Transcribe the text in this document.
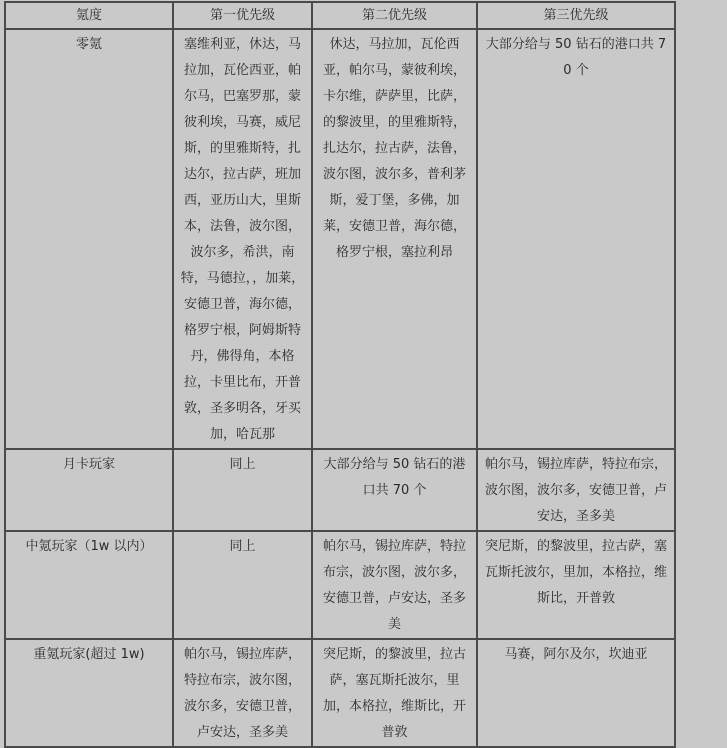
氪度	第一优先级	第二优先级	第三优先级
零氪	塞维利亚，休达，马拉加，瓦伦西亚，帕尔马，巴塞罗那，蒙彼利埃，马赛，威尼斯，的里雅斯特，扎达尔，拉古萨，班加西，亚历山大，里斯本，法鲁，波尔图，波尔多，希洪，南特，马德拉，，加莱，安德卫普，海尔德，格罗宁根，阿姆斯特丹，佛得角，本格拉，卡里比布，开普敦，圣多明各，牙买加，哈瓦那	休达，马拉加，瓦伦西亚，帕尔马，蒙彼利埃，卡尔维，萨萨里，比萨，的黎波里，的里雅斯特，扎达尔，拉古萨，法鲁，波尔图，波尔多，普利茅斯，爱丁堡，多佛，加莱，安德卫普，海尔德，格罗宁根，塞拉利昂	大部分给与 50 钻石的港口共 70 个
月卡玩家	同上	大部分给与 50 钻石的港口共 70 个	帕尔马，锡拉库萨，特拉布宗，波尔图，波尔多，安德卫普，卢安达，圣多美
中氪玩家（1w 以内）	同上	帕尔马，锡拉库萨，特拉布宗，波尔图，波尔多，安德卫普，卢安达，圣多美	突尼斯，的黎波里，拉古萨，塞瓦斯托波尔，里加，本格拉，维斯比，开普敦
重氪玩家(超过 1w)	帕尔马，锡拉库萨，特拉布宗，波尔图，波尔多，安德卫普，卢安达，圣多美	突尼斯，的黎波里，拉古萨，塞瓦斯托波尔，里加，本格拉，维斯比，开普敦	马赛，阿尔及尔，坎迪亚
